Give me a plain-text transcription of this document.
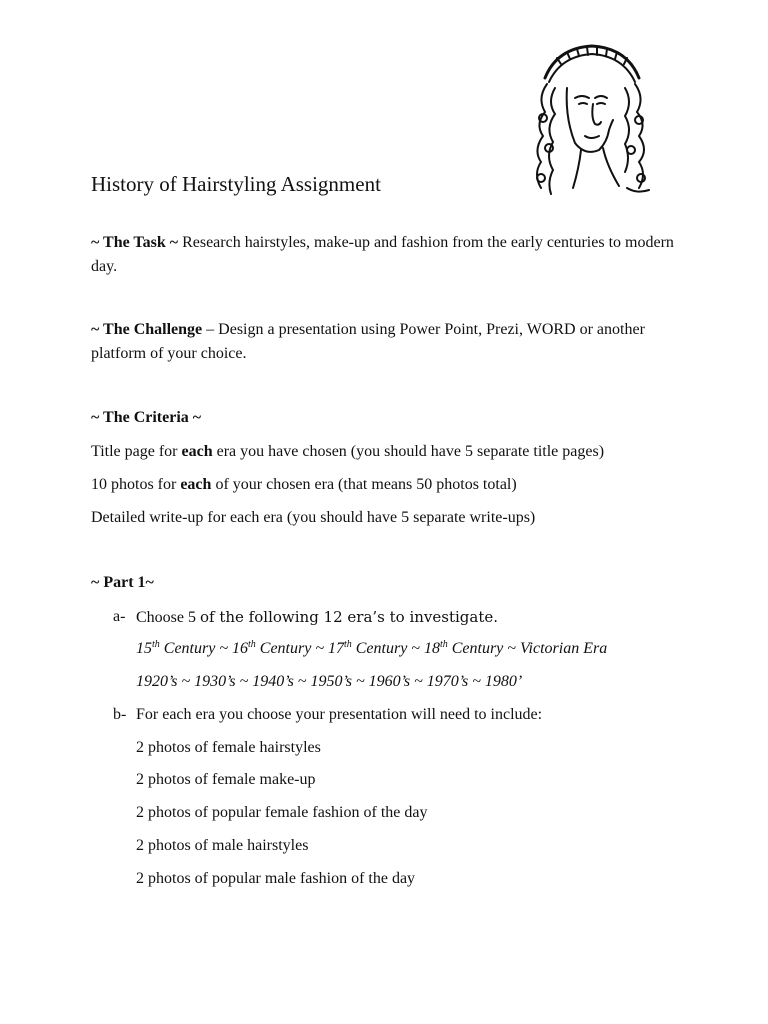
History of Hairstyling Assignment
~ The Task ~ Research hairstyles, make-up and fashion from the early centuries to modern day.
~ The Challenge – Design a presentation using Power Point, Prezi, WORD or another platform of your choice.
~ The Criteria ~
Title page for each era you have chosen (you should have 5 separate title pages)
10 photos for each of your chosen era (that means 50 photos total)
Detailed write-up for each era (you should have 5 separate write-ups)
~ Part 1~
a- Choose 5 of the following 12 era’s to investigate.
15th Century ~ 16th Century ~ 17th Century ~ 18th Century ~ Victorian Era
1920’s ~ 1930’s ~ 1940’s ~ 1950’s ~ 1960’s ~ 1970’s ~ 1980’
b- For each era you choose your presentation will need to include:
2 photos of female hairstyles
2 photos of female make-up
2 photos of popular female fashion of the day
2 photos of male hairstyles
2 photos of popular male fashion of the day
